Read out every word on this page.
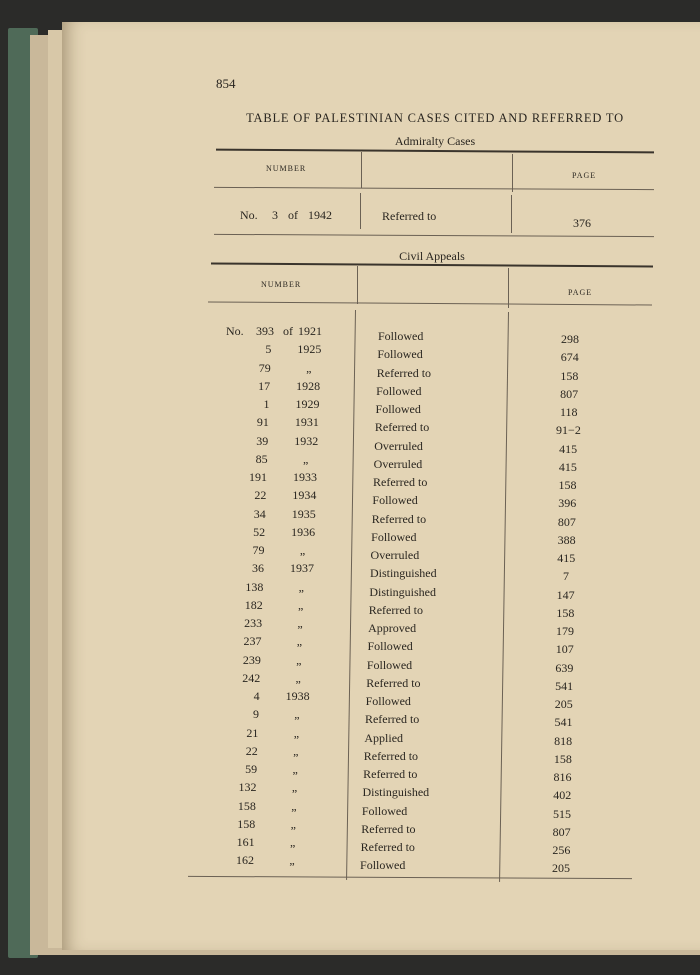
854
TABLE OF PALESTINIAN CASES CITED AND REFERRED TO
Admiralty Cases
NUMBER
PAGE
No. 3 of 1942	Referred to	376
Civil Appeals
NUMBER
PAGE
No.	of
393	1921	Followed	298
5	1925	Followed	674
79	„	Referred to	158
17	1928	Followed	807
1	1929	Followed	118
91	1931	Referred to	91−2
39	1932	Overruled	415
85	„	Overruled	415
191	1933	Referred to	158
22	1934	Followed	396
34	1935	Referred to	807
52	1936	Followed	388
79	„	Overruled	415
36	1937	Distinguished	7
138	„	Distinguished	147
182	„	Referred to	158
233	„	Approved	179
237	„	Followed	107
239	„	Followed	639
242	„	Referred to	541
4	1938	Followed	205
9	„	Referred to	541
21	„	Applied	818
22	„	Referred to	158
59	„	Referred to	816
132	„	Distinguished	402
158	„	Followed	515
158	„	Referred to	807
161	„	Referred to	256
162	„	Followed	205
